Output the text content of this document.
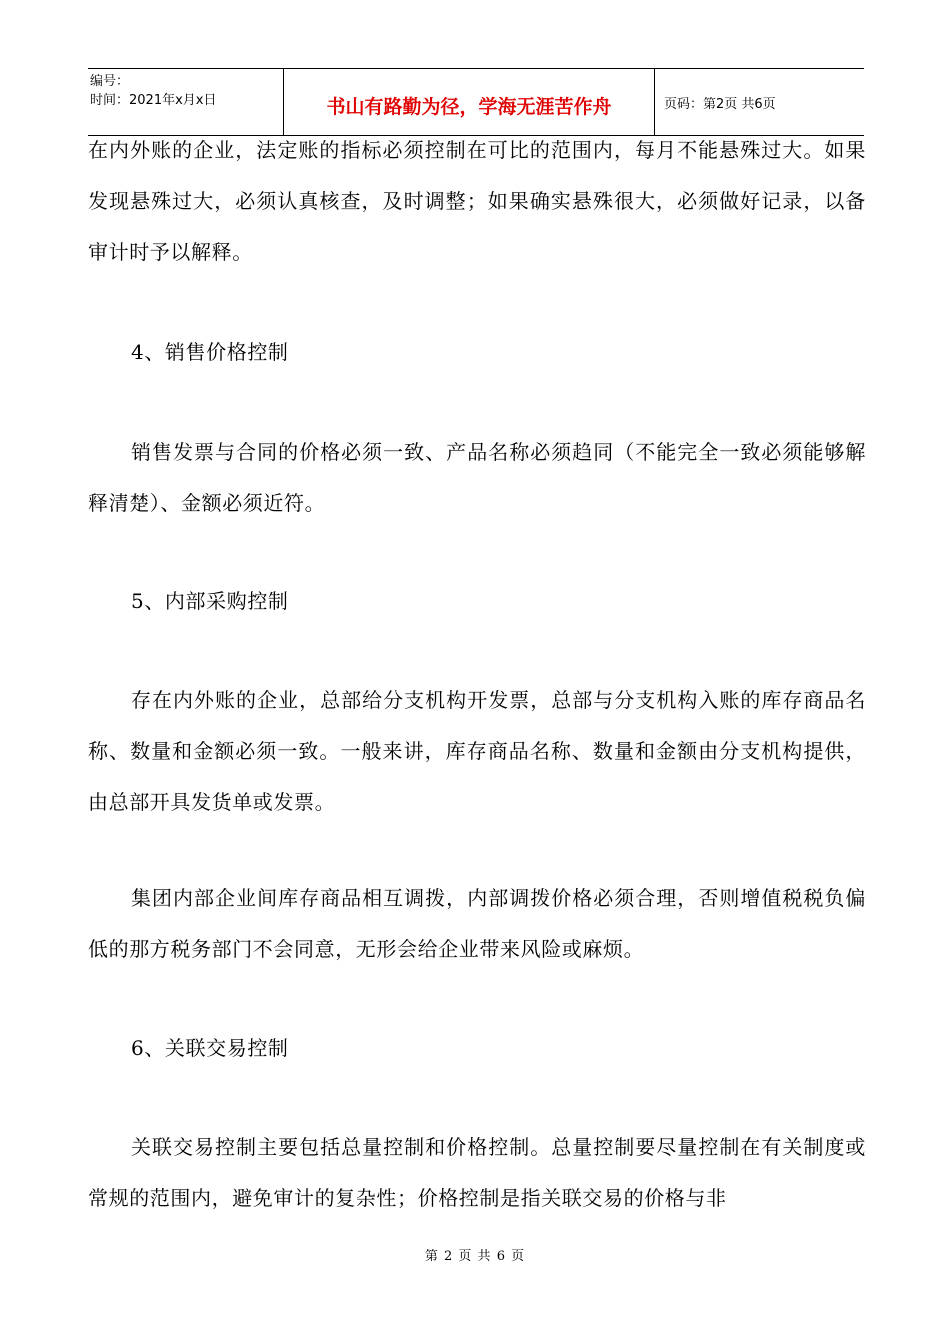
编号：
时间：2021年x月x日	书山有路勤为径，学海无涯苦作舟	页码：第2页 共6页
在内外账的企业，法定账的指标必须控制在可比的范围内，每月不能悬殊过大。如果发现悬殊过大，必须认真核查，及时调整；如果确实悬殊很大，必须做好记录，以备审计时予以解释。
4、销售价格控制
销售发票与合同的价格必须一致、产品名称必须趋同（不能完全一致必须能够解释清楚）、金额必须近符。
5、内部采购控制
存在内外账的企业，总部给分支机构开发票，总部与分支机构入账的库存商品名称、数量和金额必须一致。一般来讲，库存商品名称、数量和金额由分支机构提供，由总部开具发货单或发票。
集团内部企业间库存商品相互调拨，内部调拨价格必须合理，否则增值税税负偏低的那方税务部门不会同意，无形会给企业带来风险或麻烦。
6、关联交易控制
关联交易控制主要包括总量控制和价格控制。总量控制要尽量控制在有关制度或常规的范围内，避免审计的复杂性；价格控制是指关联交易的价格与非
第 2 页 共 6 页
